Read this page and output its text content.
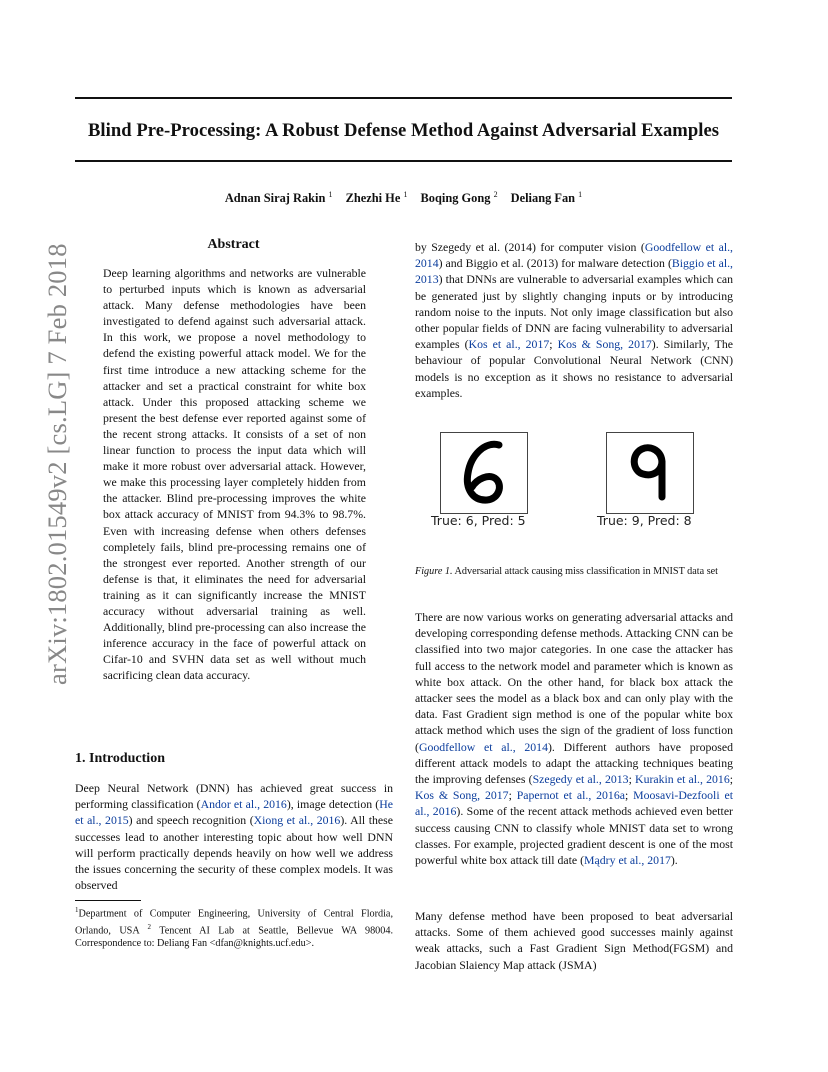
Blind Pre-Processing: A Robust Defense Method Against Adversarial Examples
Adnan Siraj Rakin $^1$ Zhezhi He $^1$ Boqing Gong $^2$ Deliang Fan $^1$
arXiv:1802.01549v2 [cs.LG] 7 Feb 2018	Abstract
Deep learning algorithms and networks are vulnerable to perturbed inputs which is known as adversarial attack. Many defense methodologies have been investigated to defend against such adversarial attack. In this work, we propose a novel methodology to defend the existing powerful attack model. We for the first time introduce a new attacking scheme for the attacker and set a practical constraint for white box attack. Under this proposed attacking scheme we present the best defense ever reported against some of the recent strong attacks. It consists of a set of non linear function to process the input data which will make it more robust over adversarial attack. However, we make this processing layer completely hidden from the attacker. Blind pre-processing improves the white box attack accuracy of MNIST from 94.3% to 98.7%. Even with increasing defense when others defenses completely fails, blind pre-processing remains one of the strongest ever reported. Another strength of our defense is that, it eliminates the need for adversarial training as it can significantly increase the MNIST accuracy without adversarial training as well. Additionally, blind pre-processing can also increase the inference accuracy in the face of powerful attack on Cifar-10 and SVHN data set as well without much sacrificing clean data accuracy.
1. Introduction
Deep Neural Network (DNN) has achieved great success in performing classification (Andor et al., 2016), image detection (He et al., 2015) and speech recognition (Xiong et al., 2016). All these successes lead to another interesting topic about how well DNN will perform practically depends heavily on how well we address the issues concerning the security of these complex models. It was observed
$^1$Department of Computer Engineering, University of Central Flordia, Orlando, USA $^2$ Tencent AI Lab at Seattle, Bellevue WA 98004. Correspondence to: Deliang Fan <dfan@knights.ucf.edu>.
by Szegedy et al. (2014) for computer vision (Goodfellow et al., 2014) and Biggio et al. (2013) for malware detection (Biggio et al., 2013) that DNNs are vulnerable to adversarial examples which can be generated just by slightly changing inputs or by introducing random noise to the inputs. Not only image classification but also other popular fields of DNN are facing vulnerability to adversarial examples (Kos et al., 2017; Kos & Song, 2017). Similarly, The behaviour of popular Convolutional Neural Network (CNN) models is no exception as it shows no resistance to adversarial examples.
True: 6, Pred: 5	True: 9, Pred: 8
Figure 1. Adversarial attack causing miss classification in MNIST data set
There are now various works on generating adversarial attacks and developing corresponding defense methods. Attacking CNN can be classified into two major categories. In one case the attacker has full access to the network model and parameter which is known as white box attack. On the other hand, for black box attack the attacker sees the model as a black box and can only play with the data. Fast Gradient sign method is one of the popular white box attack method which uses the sign of the gradient of loss function (Goodfellow et al., 2014). Different authors have proposed different attack models to adapt the attacking techniques beating the improving defenses (Szegedy et al., 2013; Kurakin et al., 2016; Kos & Song, 2017; Papernot et al., 2016a; Moosavi-Dezfooli et al., 2016). Some of the recent attack methods achieved even better success causing CNN to classify whole MNIST data set to wrong classes. For example, projected gradient descent is one of the most powerful white box attack till date (Mądry et al., 2017).
Many defense method have been proposed to beat adversarial attacks. Some of them achieved good successes mainly against weak attacks, such a Fast Gradient Sign Method(FGSM) and Jacobian Slaiency Map attack (JSMA)
